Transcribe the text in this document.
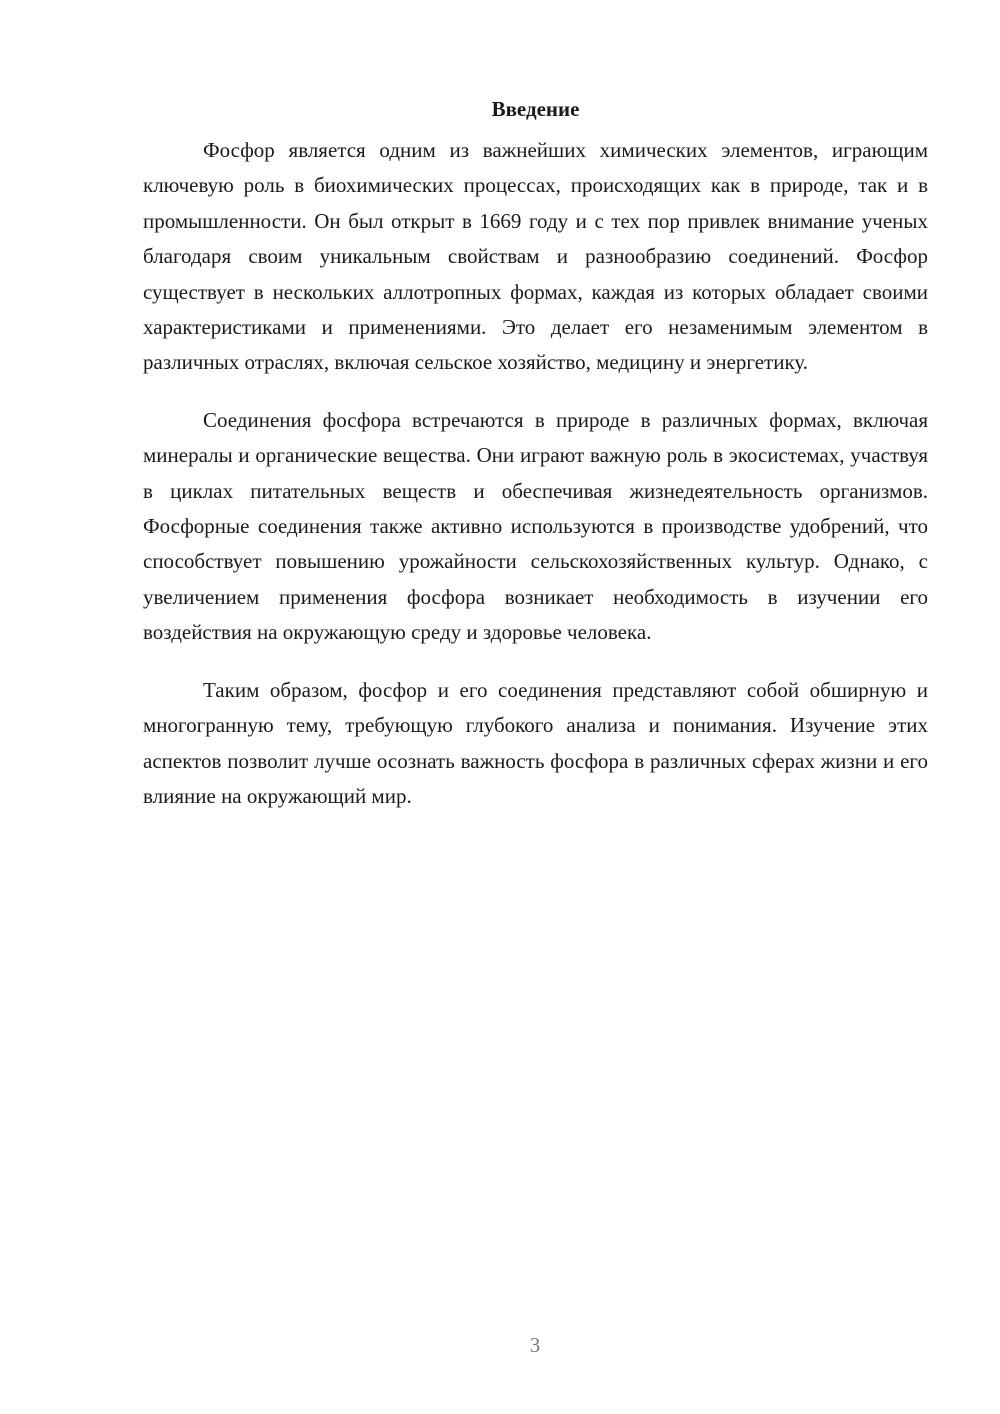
Введение

Фосфор является одним из важнейших химических элементов, играющим ключевую роль в биохимических процессах, происходящих как в природе, так и в промышленности. Он был открыт в 1669 году и с тех пор привлек внимание ученых благодаря своим уникальным свойствам и разнообразию соединений. Фосфор существует в нескольких аллотропных формах, каждая из которых обладает своими характеристиками и применениями. Это делает его незаменимым элементом в различных отраслях, включая сельское хозяйство, медицину и энергетику.

Соединения фосфора встречаются в природе в различных формах, включая минералы и органические вещества. Они играют важную роль в экосистемах, участвуя в циклах питательных веществ и обеспечивая жизнедеятельность организмов. Фосфорные соединения также активно используются в производстве удобрений, что способствует повышению урожайности сельскохозяйственных культур. Однако, с увеличением применения фосфора возникает необходимость в изучении его воздействия на окружающую среду и здоровье человека.

Таким образом, фосфор и его соединения представляют собой обширную и многогранную тему, требующую глубокого анализа и понимания. Изучение этих аспектов позволит лучше осознать важность фосфора в различных сферах жизни и его влияние на окружающий мир.

3
